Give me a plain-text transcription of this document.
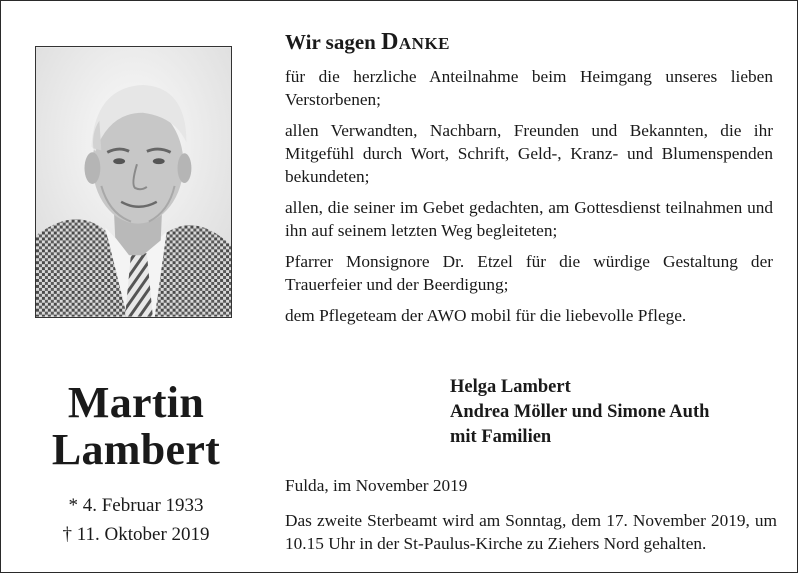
Martin
Lambert
* 4. Februar 1933
† 11. Oktober 2019
Wir sagen Danke

für die herzliche Anteilnahme beim Heimgang unseres lieben Verstorbenen;

allen Verwandten, Nachbarn, Freunden und Bekannten, die ihr Mitgefühl durch Wort, Schrift, Geld-, Kranz- und Blumenspenden bekundeten;

allen, die seiner im Gebet gedachten, am Gottesdienst teilnahmen und ihn auf seinem letzten Weg begleiteten;

Pfarrer Monsignore Dr. Etzel für die würdige Gestaltung der Trauerfeier und der Beerdigung;

dem Pflegeteam der AWO mobil für die liebevolle Pflege.

Helga Lambert
Andrea Möller und Simone Auth
mit Familien
Fulda, im November 2019
Das zweite Sterbeamt wird am Sonntag, dem 17. November 2019, um 10.15 Uhr in der St-Paulus-Kirche zu Ziehers Nord gehalten.
